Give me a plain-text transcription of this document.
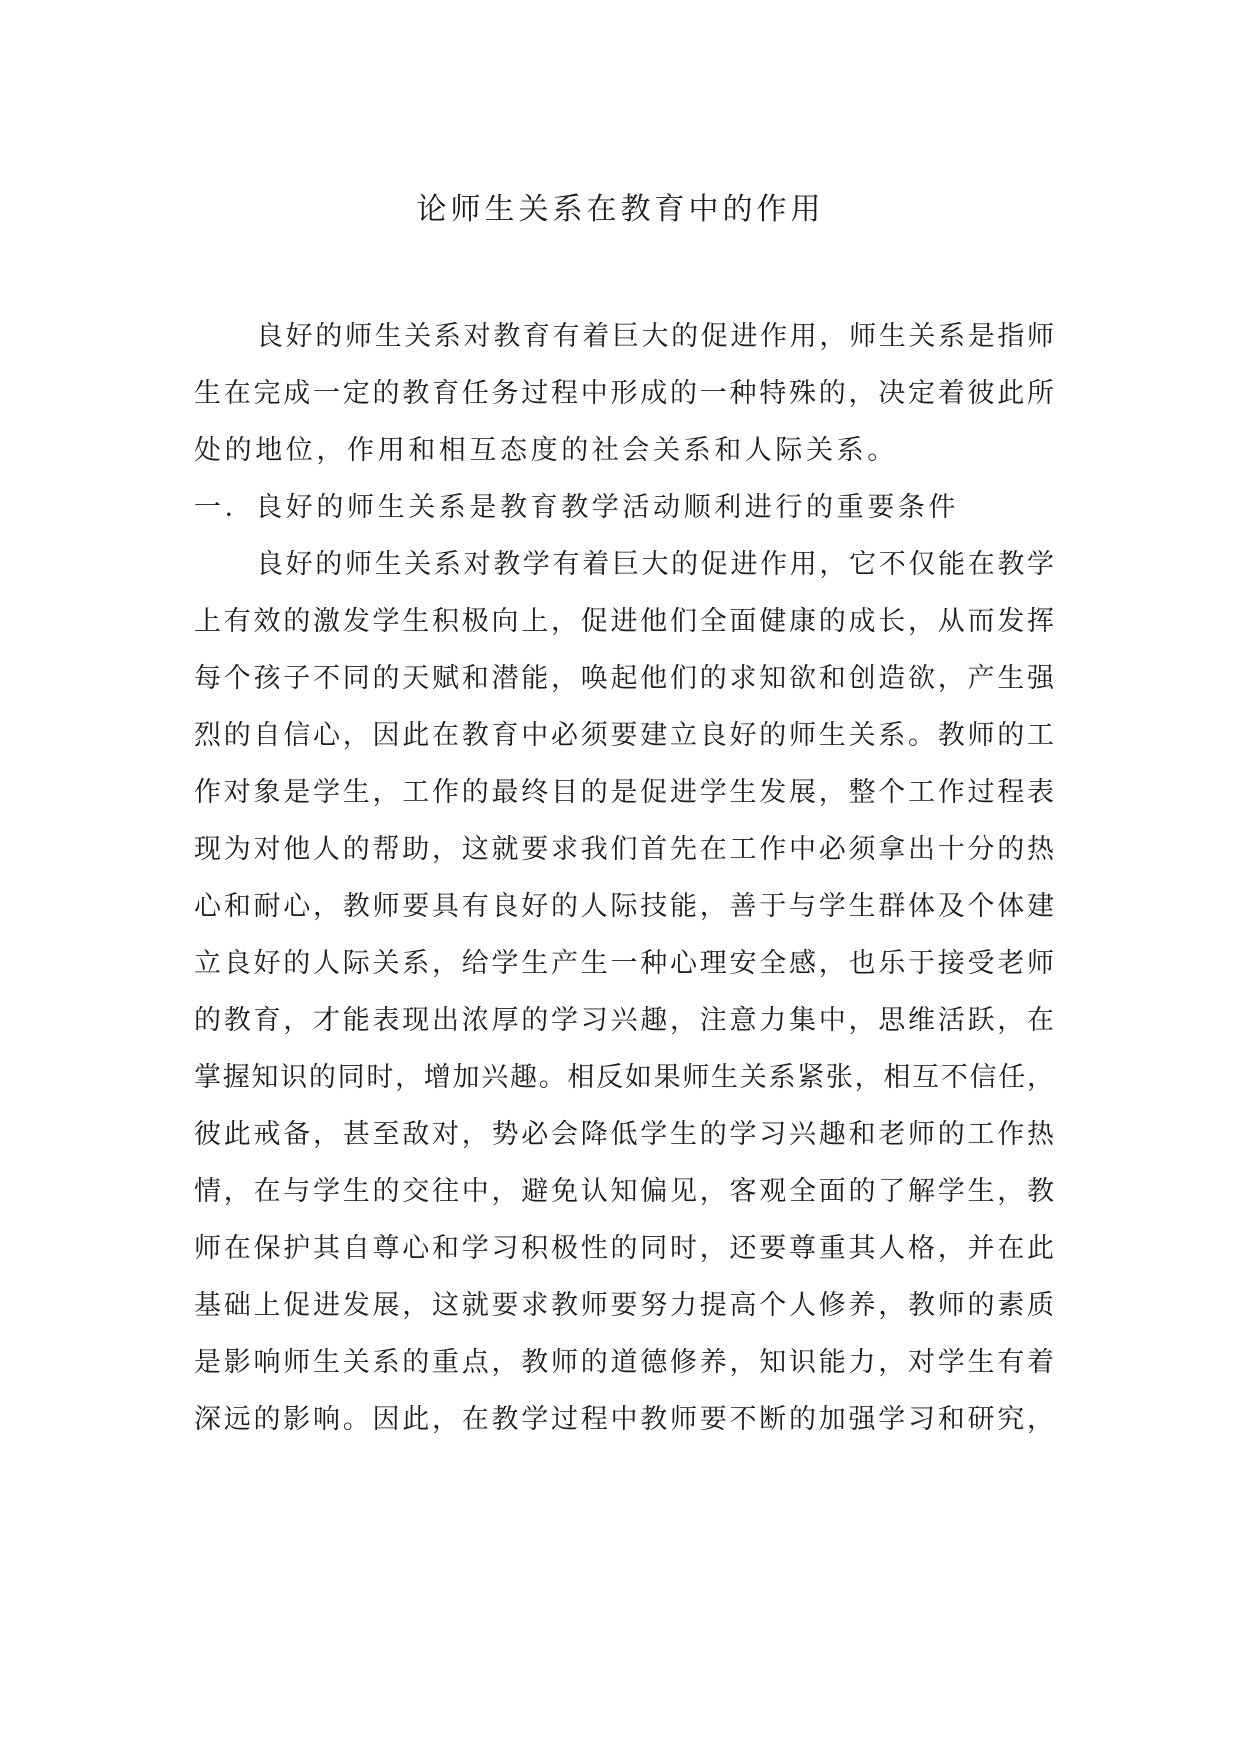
论师生关系在教育中的作用

良好的师生关系对教育有着巨大的促进作用，师生关系是指师

生在完成一定的教育任务过程中形成的一种特殊的，决定着彼此所

处的地位，作用和相互态度的社会关系和人际关系。

一．良好的师生关系是教育教学活动顺利进行的重要条件

良好的师生关系对教学有着巨大的促进作用，它不仅能在教学

上有效的激发学生积极向上，促进他们全面健康的成长，从而发挥

每个孩子不同的天赋和潜能，唤起他们的求知欲和创造欲，产生强

烈的自信心，因此在教育中必须要建立良好的师生关系。教师的工

作对象是学生，工作的最终目的是促进学生发展，整个工作过程表

现为对他人的帮助，这就要求我们首先在工作中必须拿出十分的热

心和耐心，教师要具有良好的人际技能，善于与学生群体及个体建

立良好的人际关系，给学生产生一种心理安全感，也乐于接受老师

的教育，才能表现出浓厚的学习兴趣，注意力集中，思维活跃，在

掌握知识的同时，增加兴趣。相反如果师生关系紧张，相互不信任，

彼此戒备，甚至敌对，势必会降低学生的学习兴趣和老师的工作热

情，在与学生的交往中，避免认知偏见，客观全面的了解学生，教

师在保护其自尊心和学习积极性的同时，还要尊重其人格，并在此

基础上促进发展，这就要求教师要努力提高个人修养，教师的素质

是影响师生关系的重点，教师的道德修养，知识能力，对学生有着

深远的影响。因此，在教学过程中教师要不断的加强学习和研究，
